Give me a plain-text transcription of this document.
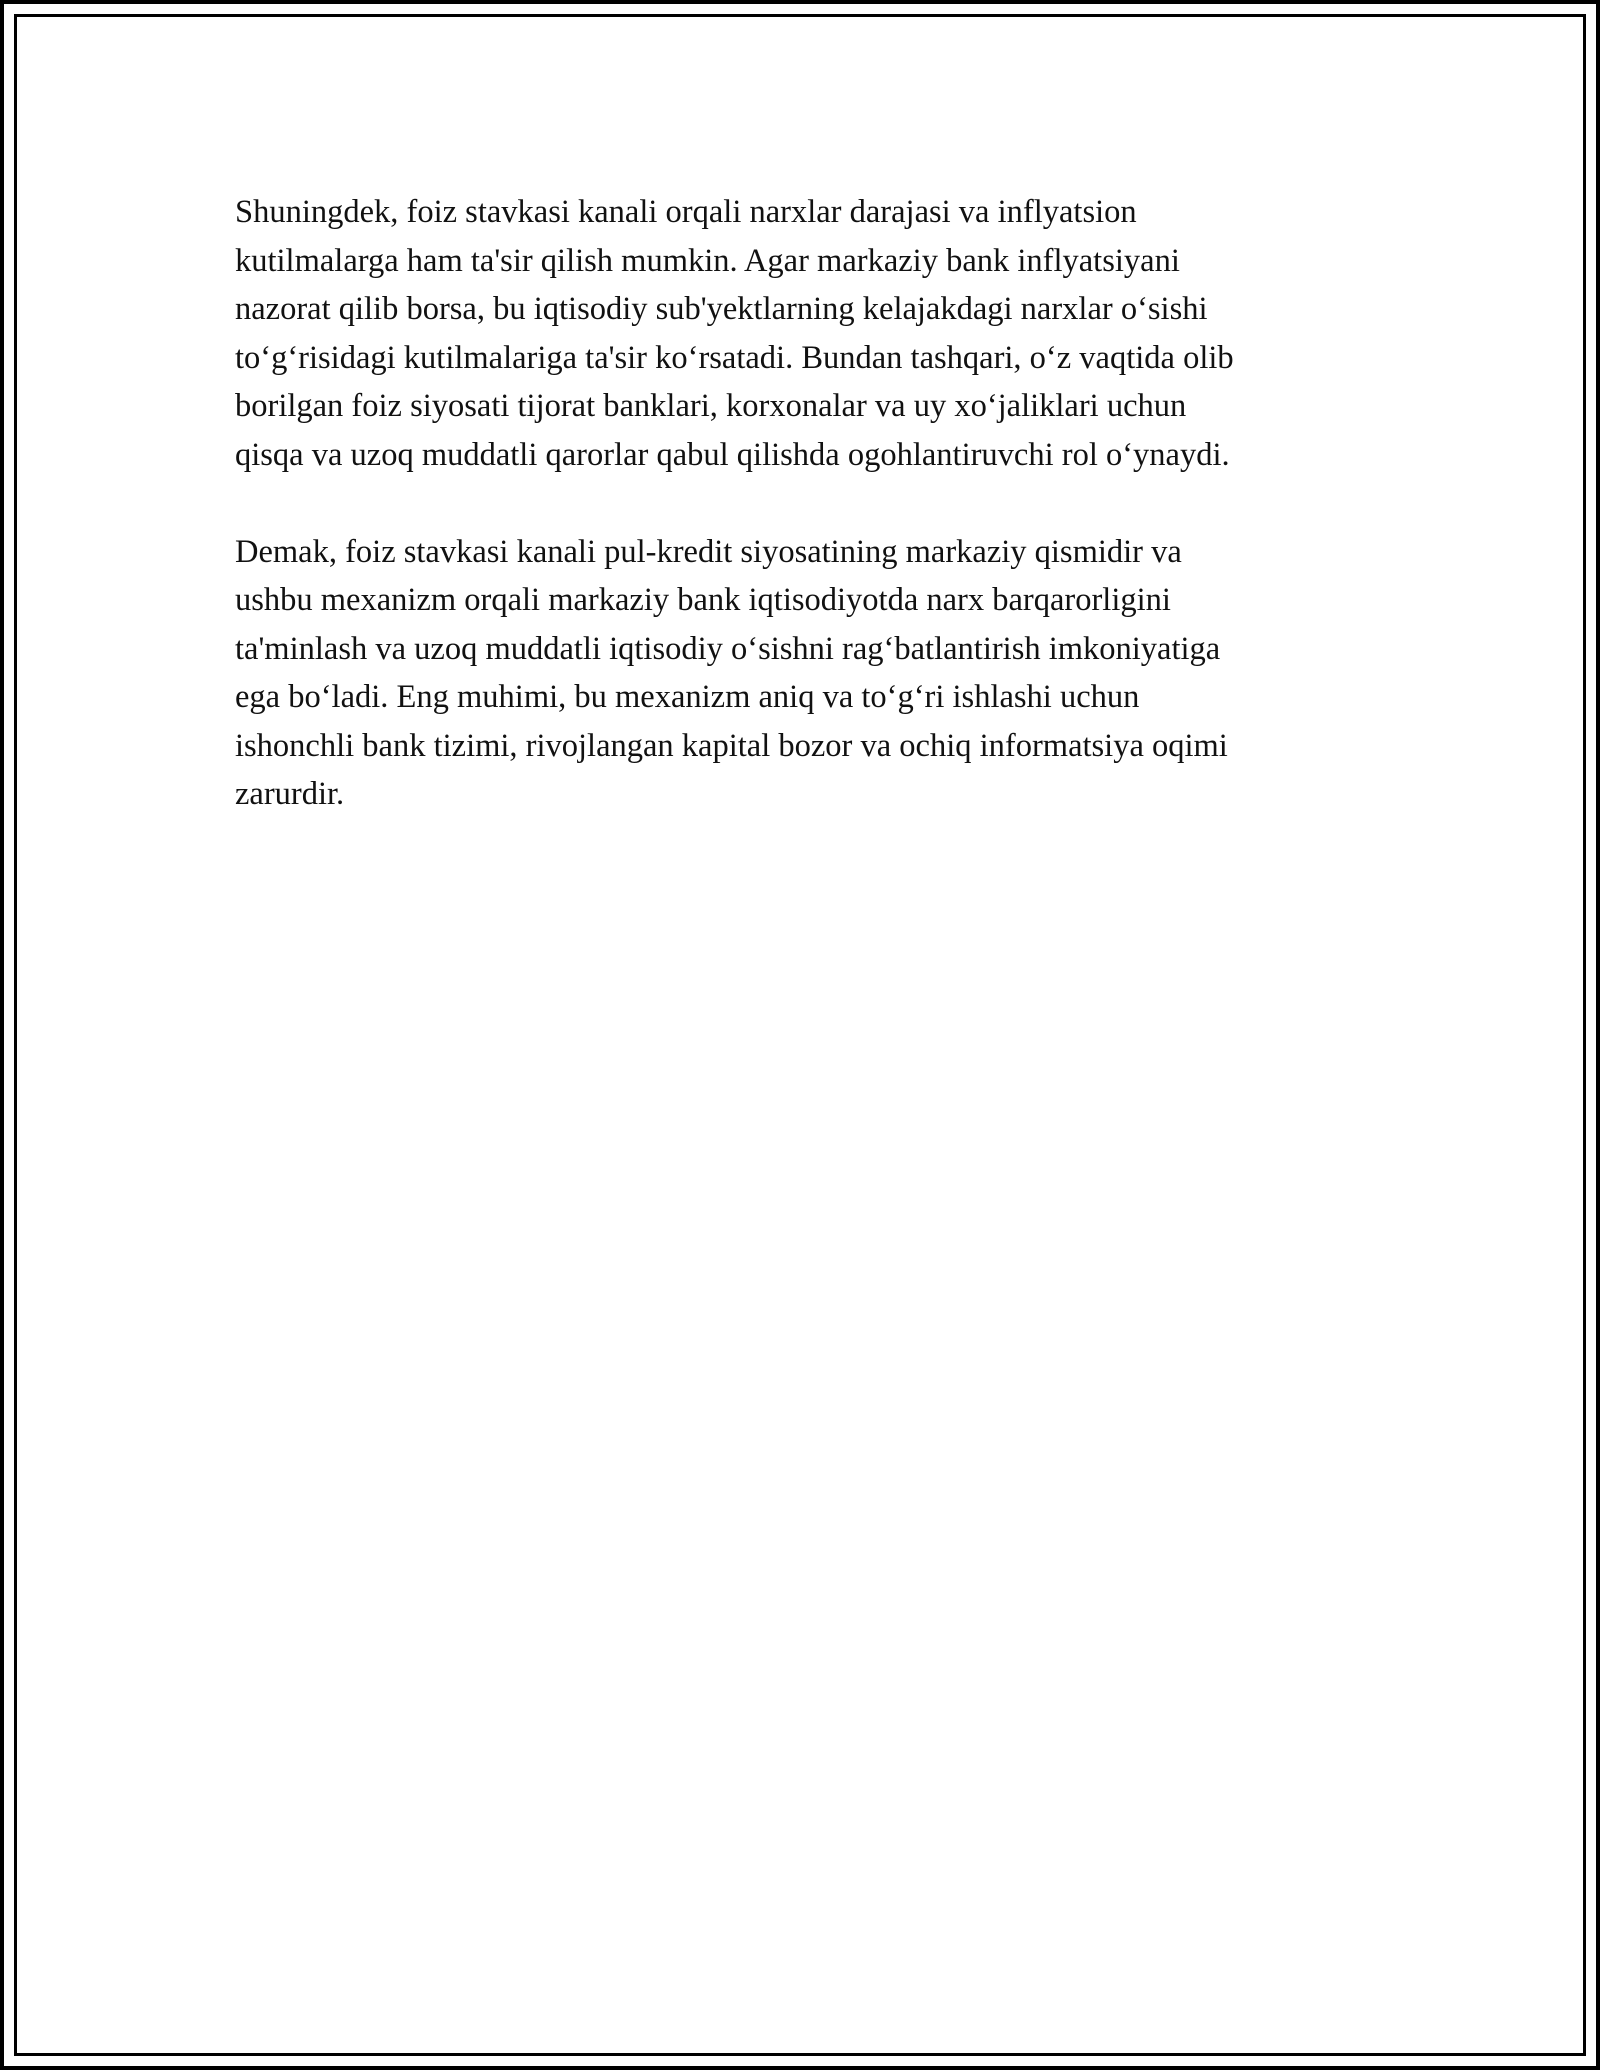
Shuningdek, foiz stavkasi kanali orqali narxlar darajasi va inflyatsion
kutilmalarga ham ta'sir qilish mumkin. Agar markaziy bank inflyatsiyani
nazorat qilib borsa, bu iqtisodiy sub'yektlarning kelajakdagi narxlar o‘sishi
to‘g‘risidagi kutilmalariga ta'sir ko‘rsatadi. Bundan tashqari, o‘z vaqtida olib
borilgan foiz siyosati tijorat banklari, korxonalar va uy xo‘jaliklari uchun
qisqa va uzoq muddatli qarorlar qabul qilishda ogohlantiruvchi rol o‘ynaydi.

Demak, foiz stavkasi kanali pul-kredit siyosatining markaziy qismidir va
ushbu mexanizm orqali markaziy bank iqtisodiyotda narx barqarorligini
ta'minlash va uzoq muddatli iqtisodiy o‘sishni rag‘batlantirish imkoniyatiga
ega bo‘ladi. Eng muhimi, bu mexanizm aniq va to‘g‘ri ishlashi uchun
ishonchli bank tizimi, rivojlangan kapital bozor va ochiq informatsiya oqimi
zarurdir.
